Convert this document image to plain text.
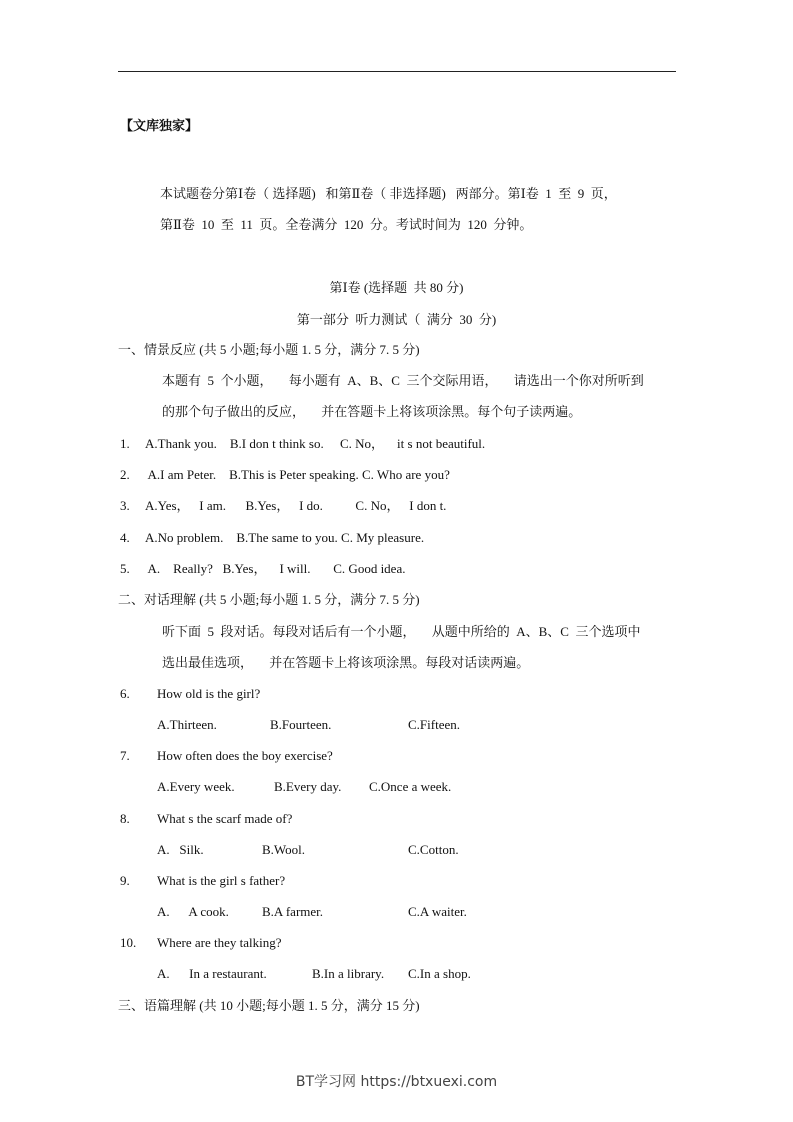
【文库独家】
本试题卷分第Ⅰ卷（ 选择题)   和第Ⅱ卷（ 非选择题)   两部分。第Ⅰ卷  1  至  9  页，
第Ⅱ卷  10  至  11  页。全卷满分  120  分。考试时间为  120  分钟。
第Ⅰ卷 (选择题  共 80 分)
第一部分  听力测试（  满分  30  分)
一、情景反应 (共 5 小题;每小题 1. 5 分，满分 7. 5 分)
本题有  5  个小题，     每小题有  A、B、C  三个交际用语，     请选出一个你对所听到
的那个句子做出的反应，     并在答题卡上将该项涂黑。每个句子读两遍。
1. A.Thank you.    B.I don t think so.     C. No，    it s not beautiful.
2. A.I am Peter.    B.This is Peter speaking. C. Who are you?
3. A.Yes，   I am.      B.Yes，   I do.          C. No，   I don t.
4. A.No problem.    B.The same to you. C. My pleasure.
5. A.    Really?   B.Yes，    I will.       C. Good idea.
二、对话理解 (共 5 小题;每小题 1. 5 分，满分 7. 5 分)
听下面  5  段对话。每段对话后有一个小题，     从题中所给的  A、B、C  三个选项中
选出最佳选项，     并在答题卡上将该项涂黑。每段对话读两遍。
6. How old is the girl?
A.Thirteen.	B.Fourteen.	C.Fifteen.
7. How often does the boy exercise?
A.Every week.	B.Every day. C.Once a week.
8. What s the scarf made of?
A.   Silk.	B.Wool.	C.Cotton.
9. What is the girl s father?
A.      A cook.	B.A farmer.	C.A waiter.
10. Where are they talking?
A.      In a restaurant.	B.In a library. C.In a shop.
三、语篇理解 (共 10 小题;每小题 1. 5 分，满分 15 分)
BT学习网 https://btxuexi.com
